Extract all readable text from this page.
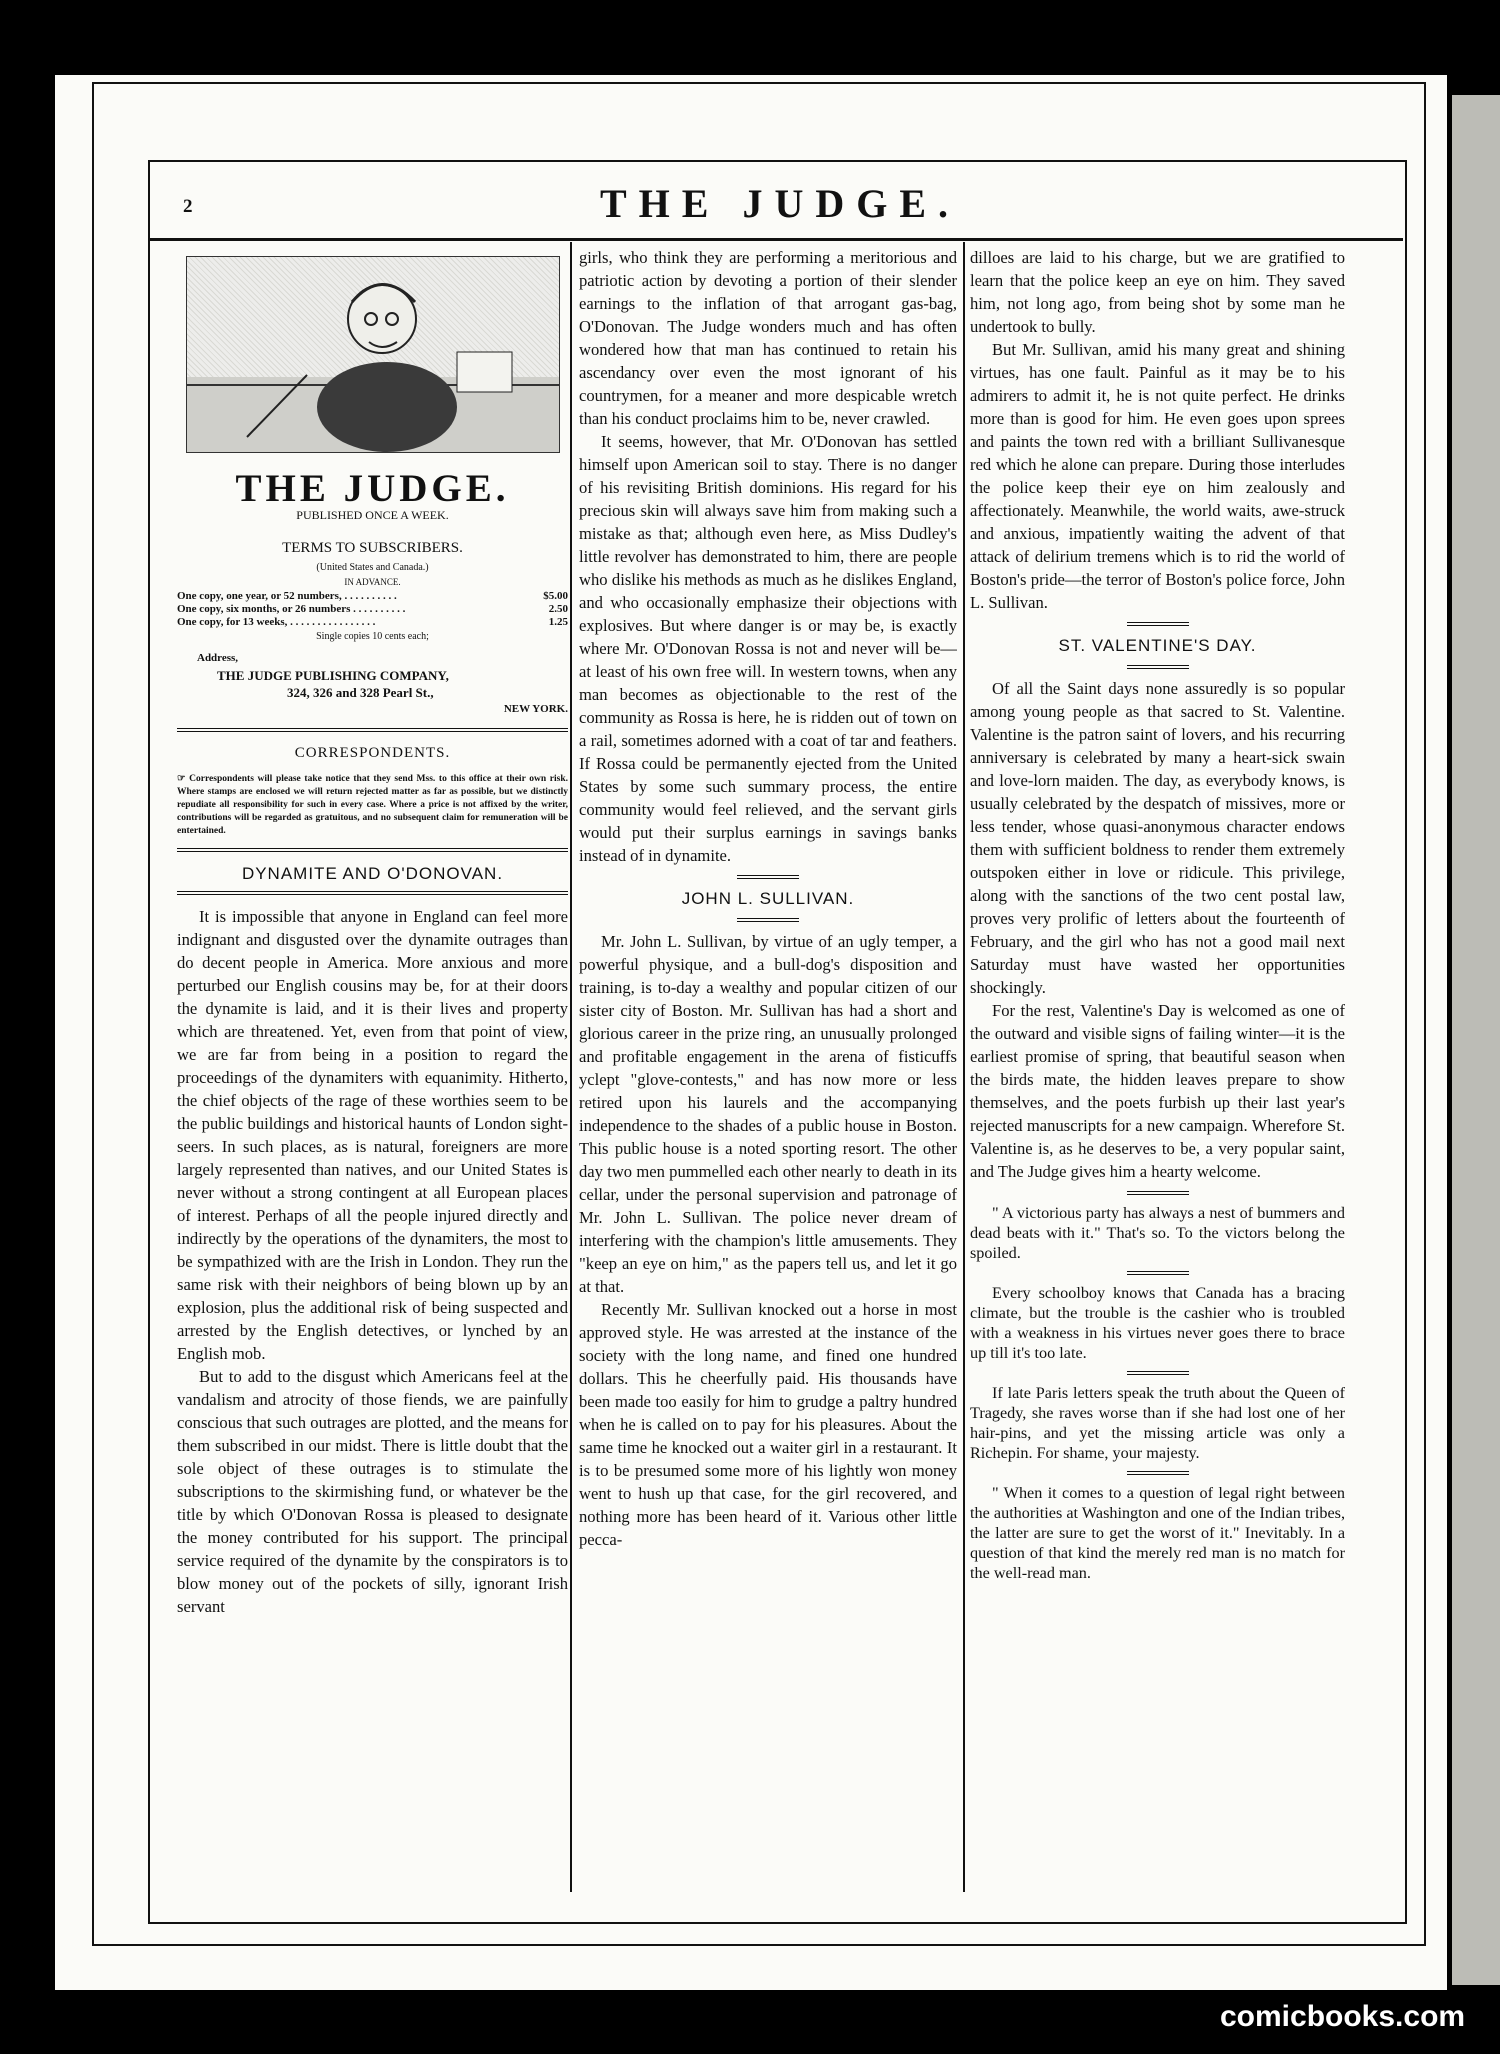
2	THE JUDGE.
THE JUDGE.
PUBLISHED ONCE A WEEK.
TERMS TO SUBSCRIBERS.
(United States and Canada.)
IN ADVANCE.
One copy, one year, or 52 numbers, . . . . . . . . . .	$5.00
One copy, six months, or 26 numbers . . . . . . . . . .	2.50
One copy, for 13 weeks, . . . . . . . . . . . . . . . .	1.25
Single copies 10 cents each;
Address,
THE JUDGE PUBLISHING COMPANY,
324, 326 and 328 Pearl St.,
NEW YORK.
CORRESPONDENTS.
☞ Correspondents will please take notice that they send Mss. to this office at their own risk. Where stamps are enclosed we will return rejected matter as far as possible, but we distinctly repudiate all responsibility for such in every case. Where a price is not affixed by the writer, contributions will be regarded as gratuitous, and no subsequent claim for remuneration will be entertained.
DYNAMITE AND O'DONOVAN.

It is impossible that anyone in England can feel more indignant and disgusted over the dynamite outrages than do decent people in America. More anxious and more perturbed our English cousins may be, for at their doors the dynamite is laid, and it is their lives and property which are threatened. Yet, even from that point of view, we are far from being in a position to regard the proceedings of the dynamiters with equanimity. Hitherto, the chief objects of the rage of these worthies seem to be the public buildings and historical haunts of London sight-seers. In such places, as is natural, foreigners are more largely represented than natives, and our United States is never without a strong contingent at all European places of interest. Perhaps of all the people injured directly and indirectly by the operations of the dynamiters, the most to be sympathized with are the Irish in London. They run the same risk with their neighbors of being blown up by an explosion, plus the additional risk of being suspected and arrested by the English detectives, or lynched by an English mob.

But to add to the disgust which Americans feel at the vandalism and atrocity of those fiends, we are painfully conscious that such outrages are plotted, and the means for them subscribed in our midst. There is little doubt that the sole object of these outrages is to stimulate the subscriptions to the skirmishing fund, or whatever be the title by which O'Donovan Rossa is pleased to designate the money contributed for his support. The principal service required of the dynamite by the conspirators is to blow money out of the pockets of silly, ignorant Irish servant

girls, who think they are performing a meritorious and patriotic action by devoting a portion of their slender earnings to the inflation of that arrogant gas-bag, O'Donovan. The Judge wonders much and has often wondered how that man has continued to retain his ascendancy over even the most ignorant of his countrymen, for a meaner and more despicable wretch than his conduct proclaims him to be, never crawled.

It seems, however, that Mr. O'Donovan has settled himself upon American soil to stay. There is no danger of his revisiting British dominions. His regard for his precious skin will always save him from making such a mistake as that; although even here, as Miss Dudley's little revolver has demonstrated to him, there are people who dislike his methods as much as he dislikes England, and who occasionally emphasize their objections with explosives. But where danger is or may be, is exactly where Mr. O'Donovan Rossa is not and never will be—at least of his own free will. In western towns, when any man becomes as objectionable to the rest of the community as Rossa is here, he is ridden out of town on a rail, sometimes adorned with a coat of tar and feathers. If Rossa could be permanently ejected from the United States by some such summary process, the entire community would feel relieved, and the servant girls would put their surplus earnings in savings banks instead of in dynamite.

JOHN L. SULLIVAN.

Mr. John L. Sullivan, by virtue of an ugly temper, a powerful physique, and a bull-dog's disposition and training, is to-day a wealthy and popular citizen of our sister city of Boston. Mr. Sullivan has had a short and glorious career in the prize ring, an unusually prolonged and profitable engagement in the arena of fisticuffs yclept "glove-contests," and has now more or less retired upon his laurels and the accompanying independence to the shades of a public house in Boston. This public house is a noted sporting resort. The other day two men pummelled each other nearly to death in its cellar, under the personal supervision and patronage of Mr. John L. Sullivan. The police never dream of interfering with the champion's little amusements. They "keep an eye on him," as the papers tell us, and let it go at that.

Recently Mr. Sullivan knocked out a horse in most approved style. He was arrested at the instance of the society with the long name, and fined one hundred dollars. This he cheerfully paid. His thousands have been made too easily for him to grudge a paltry hundred when he is called on to pay for his pleasures. About the same time he knocked out a waiter girl in a restaurant. It is to be presumed some more of his lightly won money went to hush up that case, for the girl recovered, and nothing more has been heard of it. Various other little pecca-

dilloes are laid to his charge, but we are gratified to learn that the police keep an eye on him. They saved him, not long ago, from being shot by some man he undertook to bully.

But Mr. Sullivan, amid his many great and shining virtues, has one fault. Painful as it may be to his admirers to admit it, he is not quite perfect. He drinks more than is good for him. He even goes upon sprees and paints the town red with a brilliant Sullivanesque red which he alone can prepare. During those interludes the police keep their eye on him zealously and affectionately. Meanwhile, the world waits, awe-struck and anxious, impatiently waiting the advent of that attack of delirium tremens which is to rid the world of Boston's pride—the terror of Boston's police force, John L. Sullivan.

ST. VALENTINE'S DAY.

Of all the Saint days none assuredly is so popular among young people as that sacred to St. Valentine. Valentine is the patron saint of lovers, and his recurring anniversary is celebrated by many a heart-sick swain and love-lorn maiden. The day, as everybody knows, is usually celebrated by the despatch of missives, more or less tender, whose quasi-anonymous character endows them with sufficient boldness to render them extremely outspoken either in love or ridicule. This privilege, along with the sanctions of the two cent postal law, proves very prolific of letters about the fourteenth of February, and the girl who has not a good mail next Saturday must have wasted her opportunities shockingly.

For the rest, Valentine's Day is welcomed as one of the outward and visible signs of failing winter—it is the earliest promise of spring, that beautiful season when the birds mate, the hidden leaves prepare to show themselves, and the poets furbish up their last year's rejected manuscripts for a new campaign. Wherefore St. Valentine is, as he deserves to be, a very popular saint, and The Judge gives him a hearty welcome.

" A victorious party has always a nest of bummers and dead beats with it." That's so. To the victors belong the spoiled.

Every schoolboy knows that Canada has a bracing climate, but the trouble is the cashier who is troubled with a weakness in his virtues never goes there to brace up till it's too late.

If late Paris letters speak the truth about the Queen of Tragedy, she raves worse than if she had lost one of her hair-pins, and yet the missing article was only a Richepin. For shame, your majesty.

" When it comes to a question of legal right between the authorities at Washington and one of the Indian tribes, the latter are sure to get the worst of it." Inevitably. In a question of that kind the merely red man is no match for the well-read man.

comicbooks.com
